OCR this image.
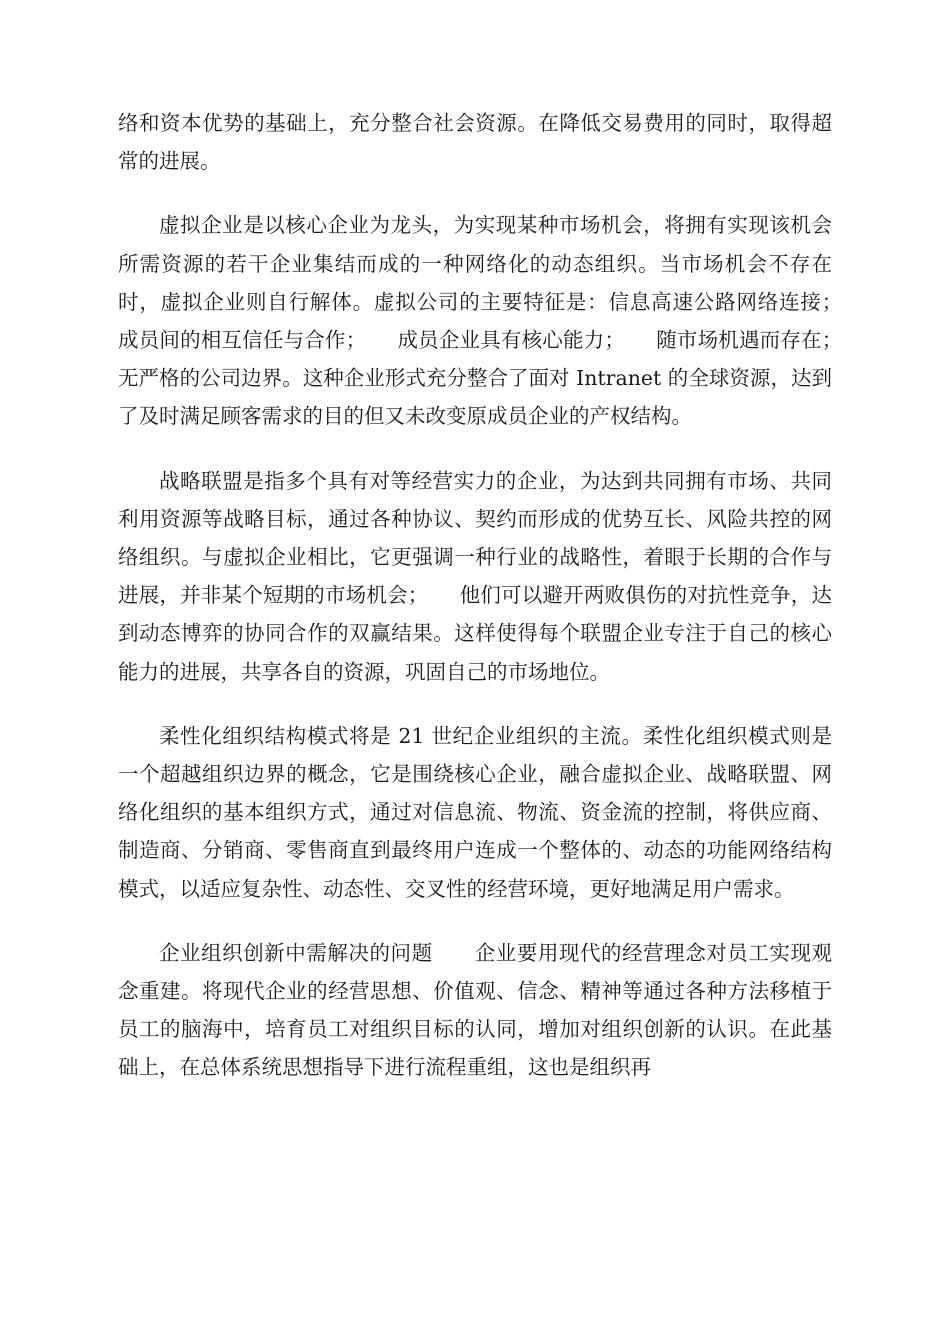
络和资本优势的基础上，充分整合社会资源。在降低交易费用的同时，取得超常的进展。

虚拟企业是以核心企业为龙头，为实现某种市场机会，将拥有实现该机会所需资源的若干企业集结而成的一种网络化的动态组织。当市场机会不存在时，虚拟企业则自行解体。虚拟公司的主要特征是：信息高速公路网络连接；　　成员间的相互信任与合作；　　成员企业具有核心能力；　　随市场机遇而存在；　　无严格的公司边界。这种企业形式充分整合了面对 Intranet 的全球资源，达到了及时满足顾客需求的目的但又未改变原成员企业的产权结构。

战略联盟是指多个具有对等经营实力的企业，为达到共同拥有市场、共同利用资源等战略目标，通过各种协议、契约而形成的优势互长、风险共控的网络组织。与虚拟企业相比，它更强调一种行业的战略性，着眼于长期的合作与进展，并非某个短期的市场机会；　　他们可以避开两败俱伤的对抗性竞争，达到动态博弈的协同合作的双赢结果。这样使得每个联盟企业专注于自己的核心能力的进展，共享各自的资源，巩固自己的市场地位。

柔性化组织结构模式将是 21 世纪企业组织的主流。柔性化组织模式则是一个超越组织边界的概念，它是围绕核心企业，融合虚拟企业、战略联盟、网络化组织的基本组织方式，通过对信息流、物流、资金流的控制，将供应商、制造商、分销商、零售商直到最终用户连成一个整体的、动态的功能网络结构模式，以适应复杂性、动态性、交叉性的经营环境，更好地满足用户需求。

企业组织创新中需解决的问题　　企业要用现代的经营理念对员工实现观念重建。将现代企业的经营思想、价值观、信念、精神等通过各种方法移植于员工的脑海中，培育员工对组织目标的认同，增加对组织创新的认识。在此基础上，在总体系统思想指导下进行流程重组，这也是组织再
